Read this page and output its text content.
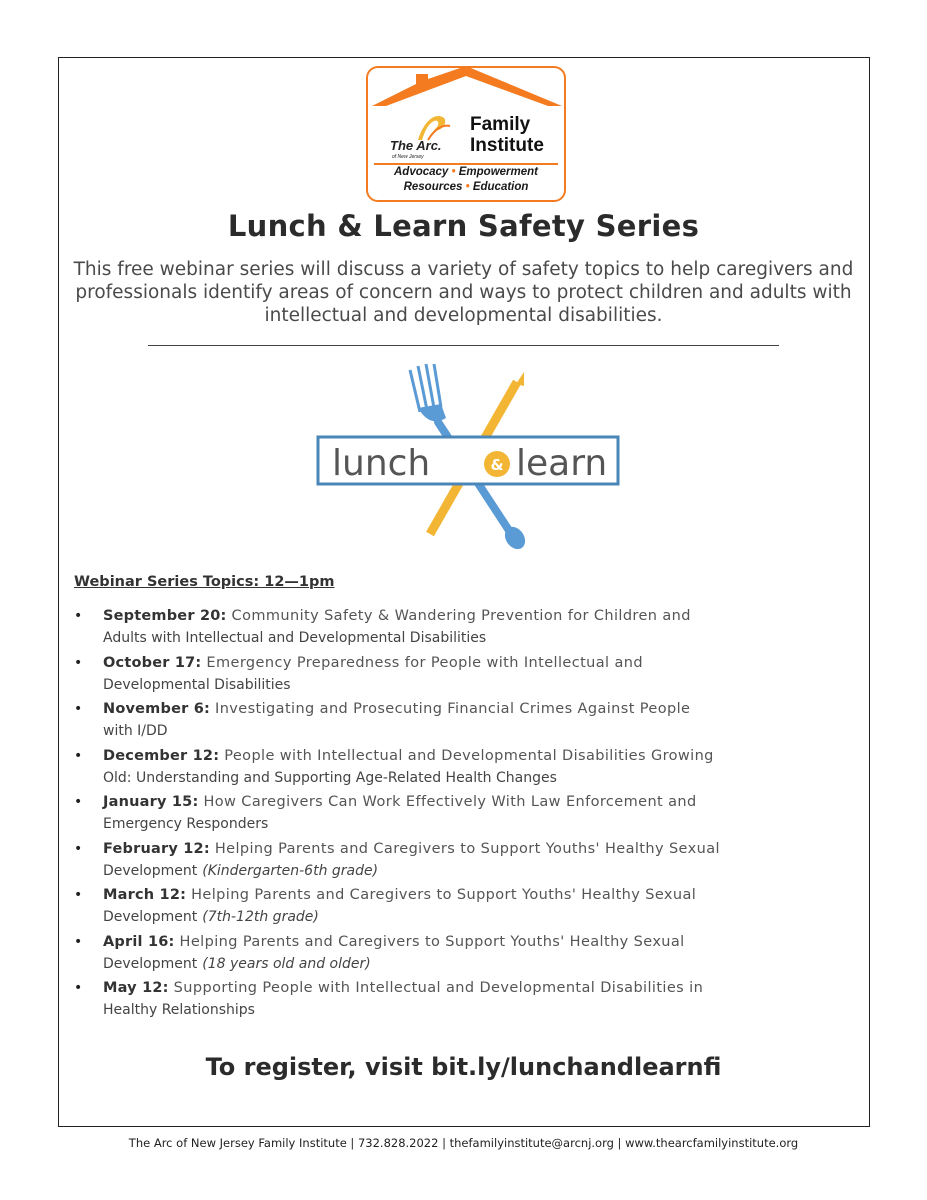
The Arc.
of New Jersey
Family
Institute
Advocacy • Empowerment
Resources • Education
Lunch & Learn Safety Series
This free webinar series will discuss a variety of safety topics to help caregivers and professionals identify areas of concern and ways to protect children and adults with intellectual and developmental disabilities.
lunch	& learn
Webinar Series Topics: 12—1pm
• September 20: Community Safety & Wandering Prevention for Children and
Adults with Intellectual and Developmental Disabilities
• October 17: Emergency Preparedness for People with Intellectual and
Developmental Disabilities
• November 6: Investigating and Prosecuting Financial Crimes Against People
with I/DD
• December 12: People with Intellectual and Developmental Disabilities Growing
Old: Understanding and Supporting Age-Related Health Changes
• January 15: How Caregivers Can Work Effectively With Law Enforcement and
Emergency Responders
• February 12: Helping Parents and Caregivers to Support Youths' Healthy Sexual
Development (Kindergarten-6th grade)
• March 12: Helping Parents and Caregivers to Support Youths' Healthy Sexual
Development (7th-12th grade)
• April 16: Helping Parents and Caregivers to Support Youths' Healthy Sexual
Development (18 years old and older)
• May 12: Supporting People with Intellectual and Developmental Disabilities in
Healthy Relationships
To register, visit bit.ly/lunchandlearnfi
The Arc of New Jersey Family Institute | 732.828.2022 | thefamilyinstitute@arcnj.org | www.thearcfamilyinstitute.org
